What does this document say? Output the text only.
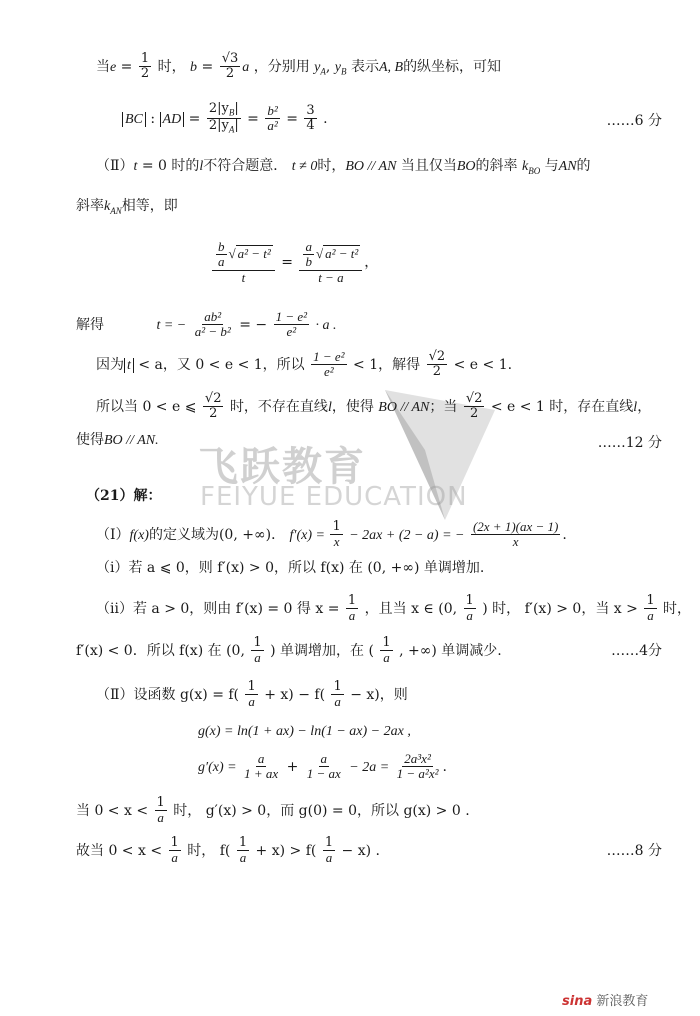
飞跃教育
FEIYUE EDUCATION
当$e = \frac{1}{2}$ 时， $b = \frac{√3}{2}$ a ，分别用 $y_A$, $y_B$ 表示A, B的纵坐标，可知
BC : AD = $\frac{2|y_B|}{2|y_A|} = \frac{\text{b²}}{\text{a²}} = \frac{3}{4}$ .	……6 分
（Ⅱ）t = 0 时的l不符合题意． t ≠ 0时，BO // AN 当且仅当BO的斜率 $k_{BO}$ 与AN的
斜率$k_{AN}$相等，即
$\frac{\frac{b}{a} √ a^2 - t^2}{t} = \frac{\frac{a}{b} √ a^2 - t^2}{t - a}$ ，
解得	t = − $\frac{\text{ab²}}{\text{a² − b²}}$ = − $\frac{\text{1 − e²}}{\text{e²}} \cdot a$ .
因为 t < a，又 0 < e < 1，所以 $\frac{\text{1 − e²}}{\text{e²}} < 1$，解得 $\frac{√2}{2} < e < 1$.
所以当 0 < e ⩽ $\frac{√2}{2}$ 时，不存在直线l，使得 BO // AN；当 $\frac{√2}{2} < e < 1$ 时，存在直线l，
使得BO // AN.	……12 分
（21）解：
（Ⅰ）f(x)的定义域为(0, +∞)． $f'(x) = \frac{1}{x} - 2ax + (2 - a)$ = − $\frac{(2x + 1)(ax - 1)}{x}$ .
（ⅰ）若 a ⩽ 0，则 f′(x) > 0，所以 f(x) 在 (0, +∞) 单调增加.
（ⅱ）若 a > 0，则由 f′(x) = 0 得 $x = \frac{1}{a}$ ，且当 x ∈ (0, $\frac{1}{a}$ ) 时， f′(x) > 0，当 $x > \frac{1}{a}$ 时，
f′(x) < 0．所以 f(x) 在 (0, $\frac{1}{a}$ ) 单调增加，在 ( $\frac{1}{a}$ , +∞) 单调减少.	……4分
（Ⅱ）设函数 $g(x) = f( \frac{1}{a} + x) - f( \frac{1}{a} - x)$，则
g(x) = ln(1 + ax) − ln(1 − ax) − 2ax ,
$g'(x) = \frac{a}{1 + ax} + \frac{a}{1 - ax} - 2a = \frac{\text{2a³x²}}{\text{1 − a²x²}}$ .
当 $0 < x < \frac{1}{a}$ 时， g′(x) > 0，而 g(0) = 0，所以 g(x) > 0 .
故当 $0 < x < \frac{1}{a}$ 时， $f( \frac{1}{a} + x) > f( \frac{1}{a} - x)$ .	……8 分
sina 新浪教育
